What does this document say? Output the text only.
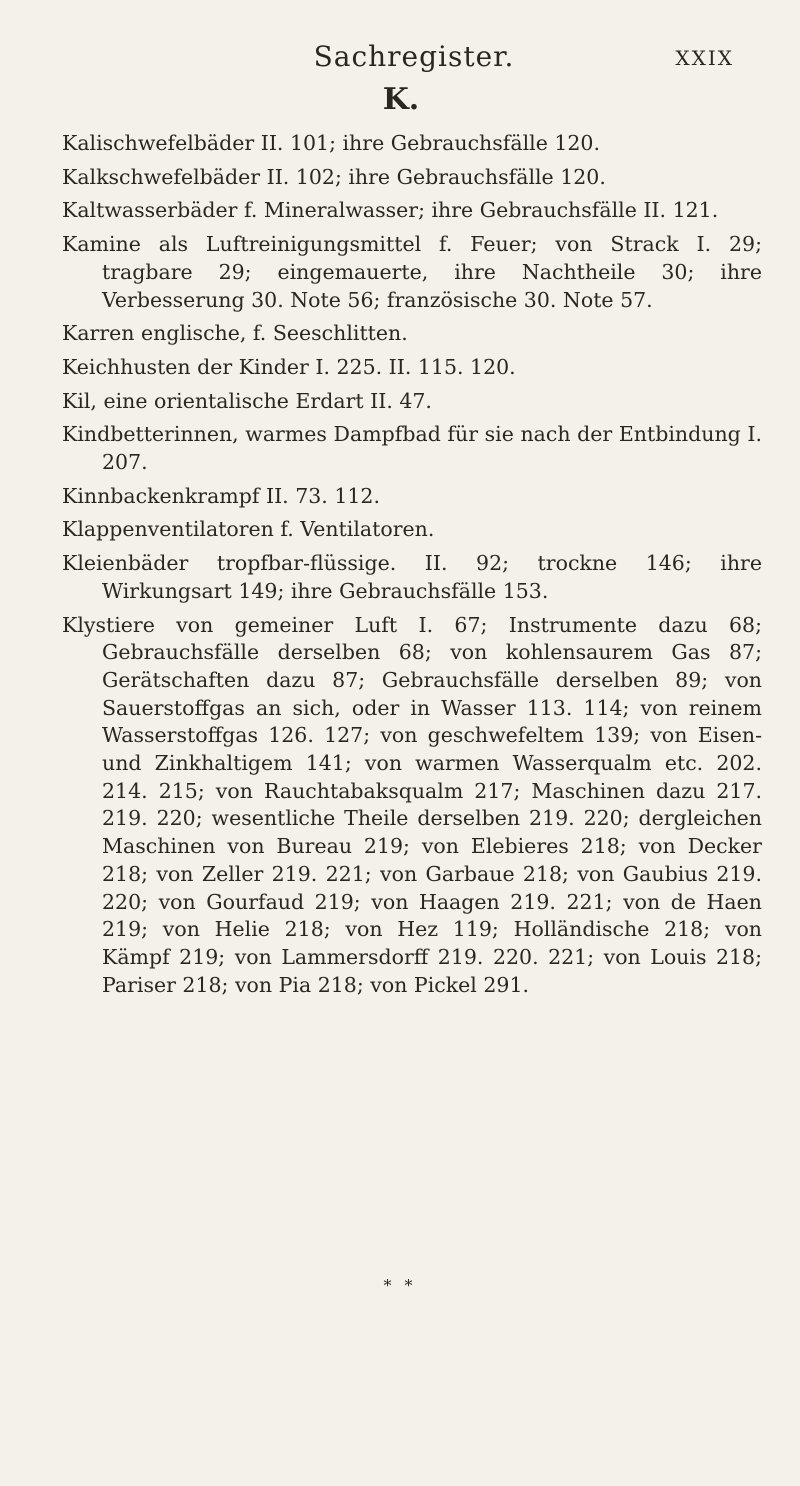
Sachregister.	XXIX
K.
Kalischwefelbäder II. 101; ihre Gebrauchsfälle 120.
Kalkschwefelbäder II. 102; ihre Gebrauchsfälle 120.
Kaltwasserbäder f. Mineralwasser; ihre Gebrauchsfälle II. 121.
Kamine als Luftreinigungsmittel f. Feuer; von Strack I. 29; tragbare 29; eingemauerte, ihre Nachtheile 30; ihre Verbesserung 30. Note 56; französische 30. Note 57.
Karren englische, f. Seeschlitten.
Keichhusten der Kinder I. 225. II. 115. 120.
Kil, eine orientalische Erdart II. 47.
Kindbetterinnen, warmes Dampfbad für sie nach der Entbindung I. 207.
Kinnbackenkrampf II. 73. 112.
Klappenventilatoren f. Ventilatoren.
Kleienbäder tropfbar-flüssige. II. 92; trockne 146; ihre Wirkungsart 149; ihre Gebrauchsfälle 153.
Klystiere von gemeiner Luft I. 67; Instrumente dazu 68; Gebrauchsfälle derselben 68; von kohlensaurem Gas 87; Gerätschaften dazu 87; Gebrauchsfälle derselben 89; von Sauerstoffgas an sich, oder in Wasser 113. 114; von reinem Wasserstoffgas 126. 127; von geschwefeltem 139; von Eisen- und Zinkhaltigem 141; von warmen Wasserqualm etc. 202. 214. 215; von Rauchtabaksqualm 217; Maschinen dazu 217. 219. 220; wesentliche Theile derselben 219. 220; dergleichen Maschinen von Bureau 219; von Elebieres 218; von Decker 218; von Zeller 219. 221; von Garbaue 218; von Gaubius 219. 220; von Gourfaud 219; von Haagen 219. 221; von de Haen 219; von Helie 218; von Hez 119; Holländische 218; von Kämpf 219; von Lammersdorff 219. 220. 221; von Louis 218; Pariser 218; von Pia 218; von Pickel 291.
* *
